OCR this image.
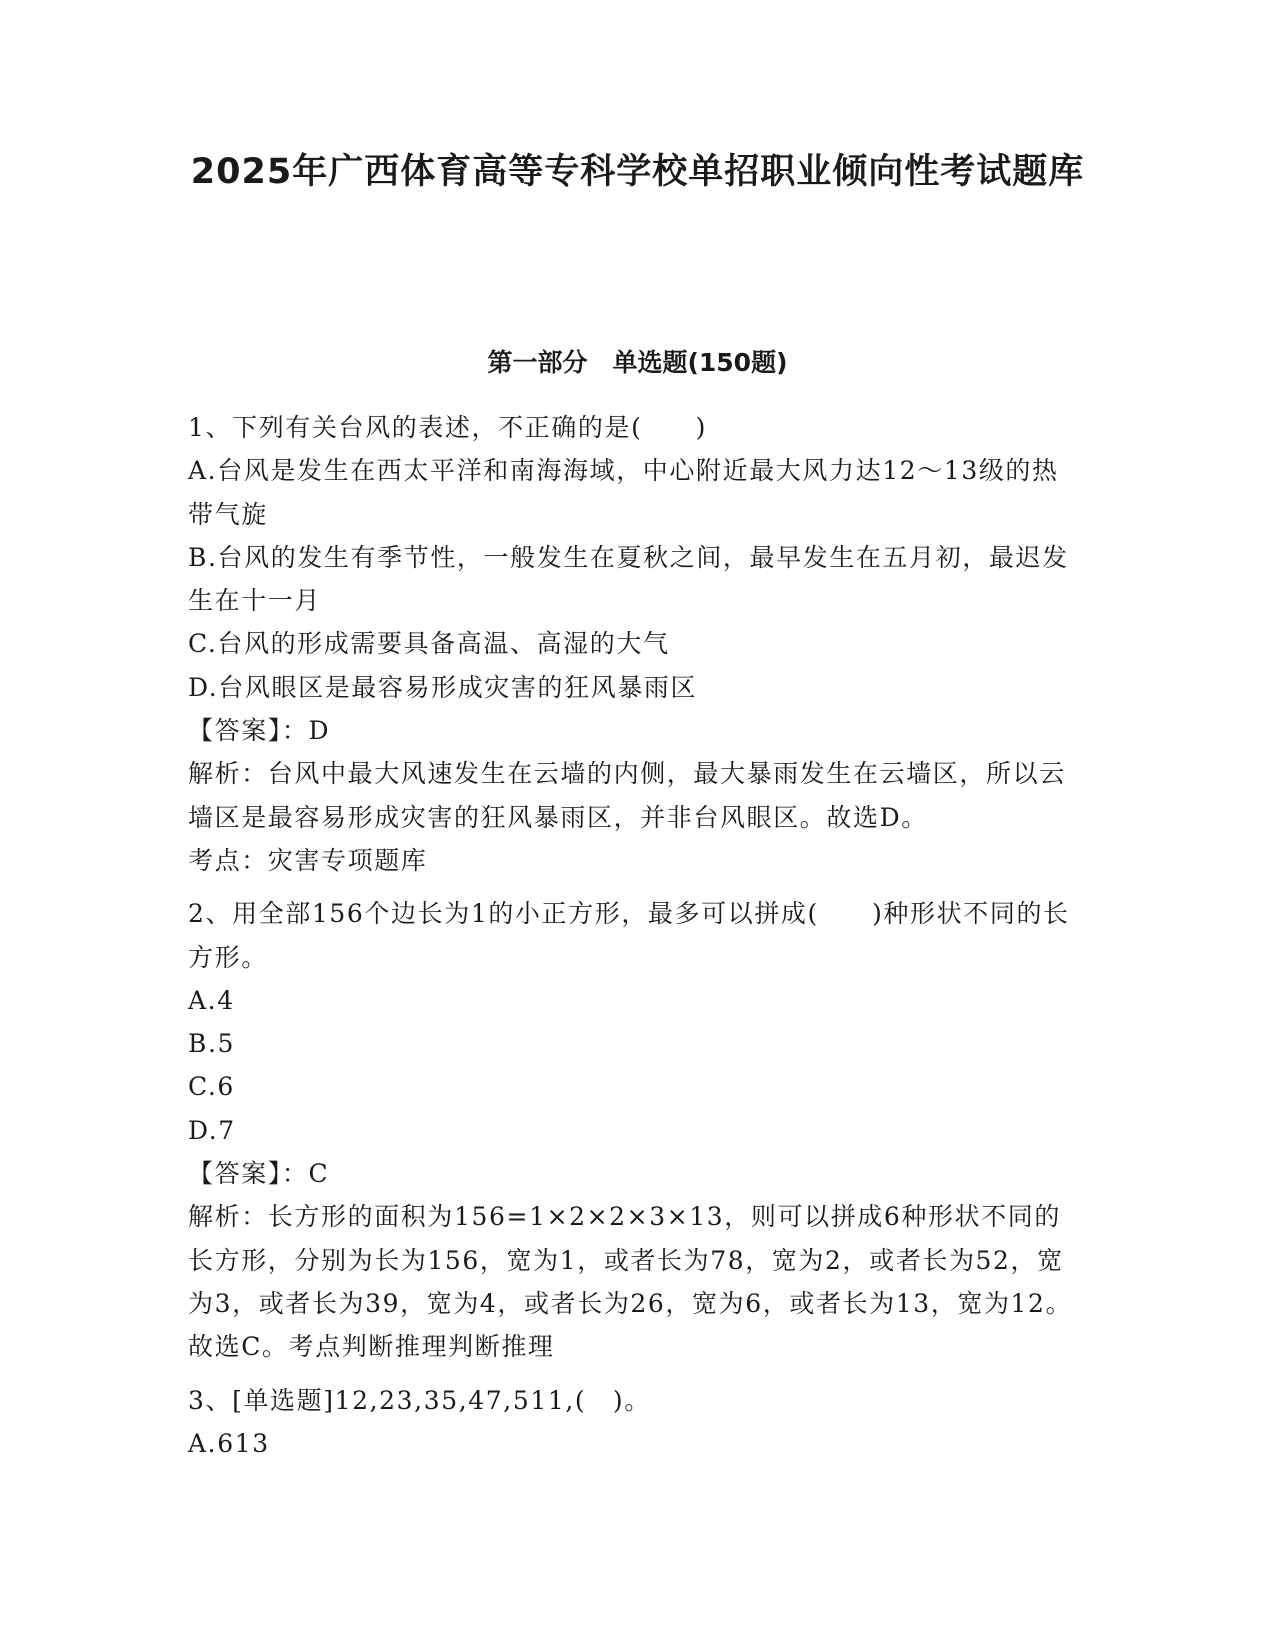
2025年广西体育高等专科学校单招职业倾向性考试题库
第一部分　单选题(150题)

1、下列有关台风的表述，不正确的是(　　)

A.台风是发生在西太平洋和南海海域，中心附近最大风力达12～13级的热带气旋

B.台风的发生有季节性，一般发生在夏秋之间，最早发生在五月初，最迟发生在十一月

C.台风的形成需要具备高温、高湿的大气

D.台风眼区是最容易形成灾害的狂风暴雨区

【答案】：D

解析：台风中最大风速发生在云墙的内侧，最大暴雨发生在云墙区，所以云墙区是最容易形成灾害的狂风暴雨区，并非台风眼区。故选D。

考点：灾害专项题库

2、用全部156个边长为1的小正方形，最多可以拼成(　　)种形状不同的长方形。

A.4

B.5

C.6

D.7

【答案】：C

解析：长方形的面积为156=1×2×2×3×13，则可以拼成6种形状不同的长方形，分别为长为156，宽为1，或者长为78，宽为2，或者长为52，宽为3，或者长为39，宽为4，或者长为26，宽为6，或者长为13，宽为12。故选C。考点判断推理判断推理

3、[单选题]12,23,35,47,511,(　)。

A.613
